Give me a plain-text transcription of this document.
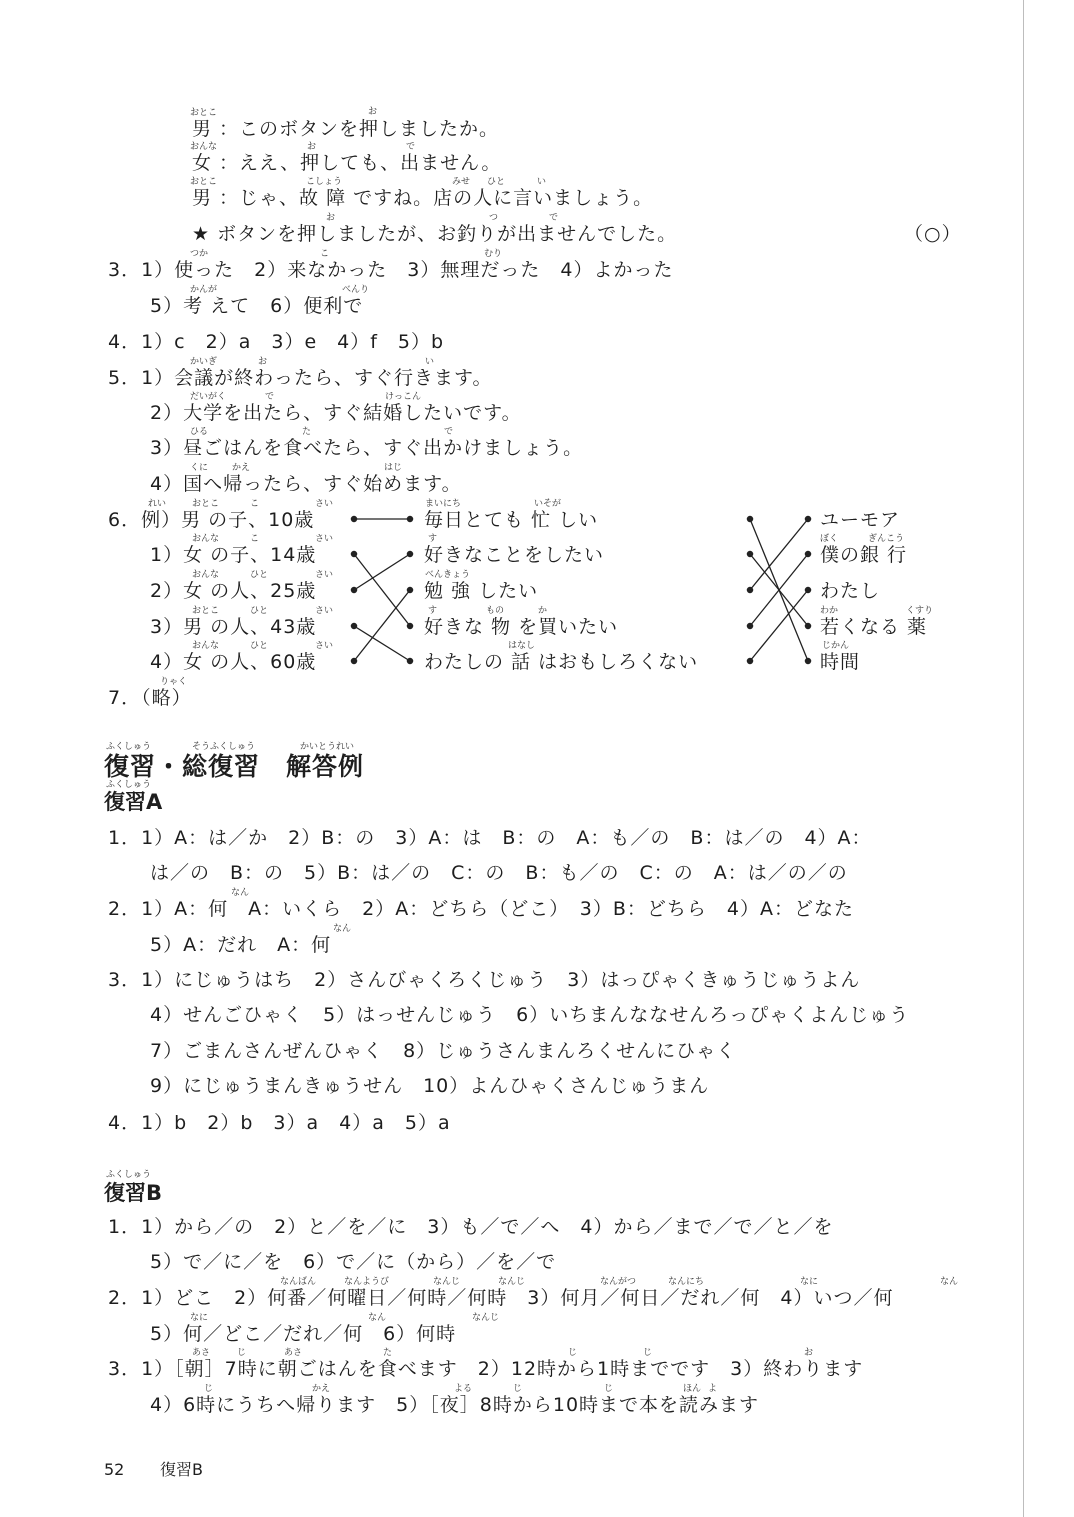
男 ：このボタンを押しましたか。
女 ：ええ、押しても、出ません。
男 ：じゃ、故 障 ですね。店の人に言いましょう。
★ ボタンを押しましたが、お釣りが出ませんでした。	（○）
おとこ
おんな
おとこ
お
お	で
こしょう	みせ ひと	い
お	つ	で
3．1）使った　2）来なかった　3）無理だった　4）よかった
5）考 えて　6）便利で
つか	こ	むり
かんが	べんり
4．1）c　2）a　3）e　4）f　5）b
5．1）会議が終わったら、すぐ行きます。
2）大学を出たら、すぐ結婚したいです。
3）昼ごはんを食べたら、すぐ出かけましょう。
4）国へ帰ったら、すぐ始めます。
かいぎ	お	い
だいがく	で	けっこん
ひる	た	で
くに	かえ	はじ
6．例）男 の子、10歳
1）女 の子、14歳
2）女 の人、25歳
3）男 の人、43歳
4）女 の人、60歳
れい	おとこ	こ	さい
おんな	こ	さい
おんな	ひと	さい
おとこ	ひと	さい
おんな	ひと	さい
毎日とても 忙 しい
好きなことをしたい
勉 強 したい
好きな 物 を買いたい
わたしの 話 はおもしろくない
まいにち	いそが
す
べんきょう
す	もの	か
はなし
ユーモア
僕の銀 行
わたし
若くなる 薬
時間
ぼく	ぎんこう
わか	くすり
じかん
7．（略）
りゃく
ふくしゅう	そうふくしゅう	かいとうれい
復習・総復習　解答例
ふくしゅう
復習A
1．1）A：は／か　2）B：の　3）A：は　B：の　A：も／の　B：は／の　4）A：
は／の　B：の　5）B：は／の　C：の　B：も／の　C：の　A：は／の／の
2．1）A：何　A：いくら　2）A：どちら（どこ）　3）B：どちら　4）A：どなた
なん
5）A：だれ　A：何
なん
3．1）にじゅうはち　2）さんびゃくろくじゅう　3）はっぴゃくきゅうじゅうよん
4）せんごひゃく　5）はっせんじゅう　6）いちまんななせんろっぴゃくよんじゅう
7）ごまんさんぜんひゃく　8）じゅうさんまんろくせんにひゃく
9）にじゅうまんきゅうせん　10）よんひゃくさんじゅうまん
4．1）b　2）b　3）a　4）a　5）a
ふくしゅう
復習B
1．1）から／の　2）と／を／に　3）も／で／へ　4）から／まで／で／と／を
5）で／に／を　6）で／に（から）／を／で
2．1）どこ　2）何番／何曜日／何時／何時　3）何月／何日／だれ／何　4）いつ／何
なんばん	なんようび	なんじ	なんじ	なんがつ	なんにち	なに	なん
5）何／どこ／だれ／何　6）何時
なに	なん	なんじ
3．1）［朝］7時に朝ごはんを食べます　2）12時から1時までです　3）終わります
あさ	じ	あさ	た	じ	じ	お
4）6時にうちへ帰ります　5）［夜］8時から10時まで本を読みます
じ	かえ	よる	じ	じ	ほん よ
52 復習B
